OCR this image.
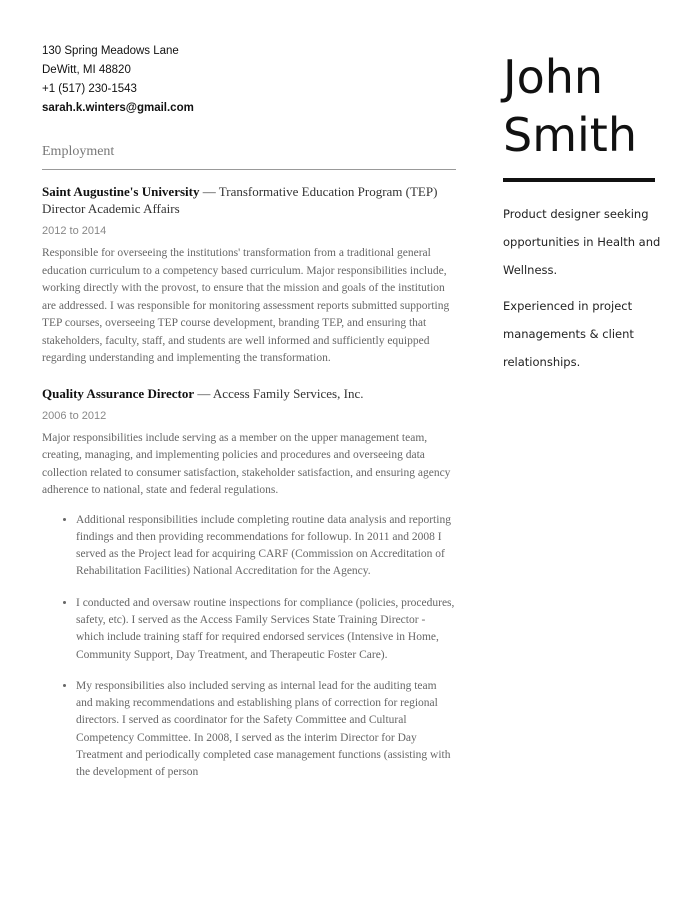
130 Spring Meadows Lane
DeWitt, MI 48820
+1 (517) 230-1543
sarah.k.winters@gmail.com
Employment
Saint Augustine's University — Transformative Education Program (TEP) Director Academic Affairs
2012 to 2014
Responsible for overseeing the institutions' transformation from a traditional general education curriculum to a competency based curriculum. Major responsibilities include, working directly with the provost, to ensure that the mission and goals of the institution are addressed. I was responsible for monitoring assessment reports submitted supporting TEP courses, overseeing TEP course development, branding TEP, and ensuring that stakeholders, faculty, staff, and students are well informed and sufficiently equipped regarding understanding and implementing the transformation.
Quality Assurance Director — Access Family Services, Inc.
2006 to 2012
Major responsibilities include serving as a member on the upper management team, creating, managing, and implementing policies and procedures and overseeing data collection related to consumer satisfaction, stakeholder satisfaction, and ensuring agency adherence to national, state and federal regulations.
• Additional responsibilities include completing routine data analysis and reporting findings and then providing recommendations for followup. In 2011 and 2008 I served as the Project lead for acquiring CARF (Commission on Accreditation of Rehabilitation Facilities) National Accreditation for the Agency.
• I conducted and oversaw routine inspections for compliance (policies, procedures, safety, etc). I served as the Access Family Services State Training Director - which include training staff for required endorsed services (Intensive in Home, Community Support, Day Treatment, and Therapeutic Foster Care).
• My responsibilities also included serving as internal lead for the auditing team and making recommendations and establishing plans of correction for regional directors. I served as coordinator for the Safety Committee and Cultural Competency Committee. In 2008, I served as the interim Director for Day Treatment and periodically completed case management functions (assisting with the development of person
John
Smith

Product designer seeking opportunities in Health and Wellness.

Experienced in project managements & client relationships.
